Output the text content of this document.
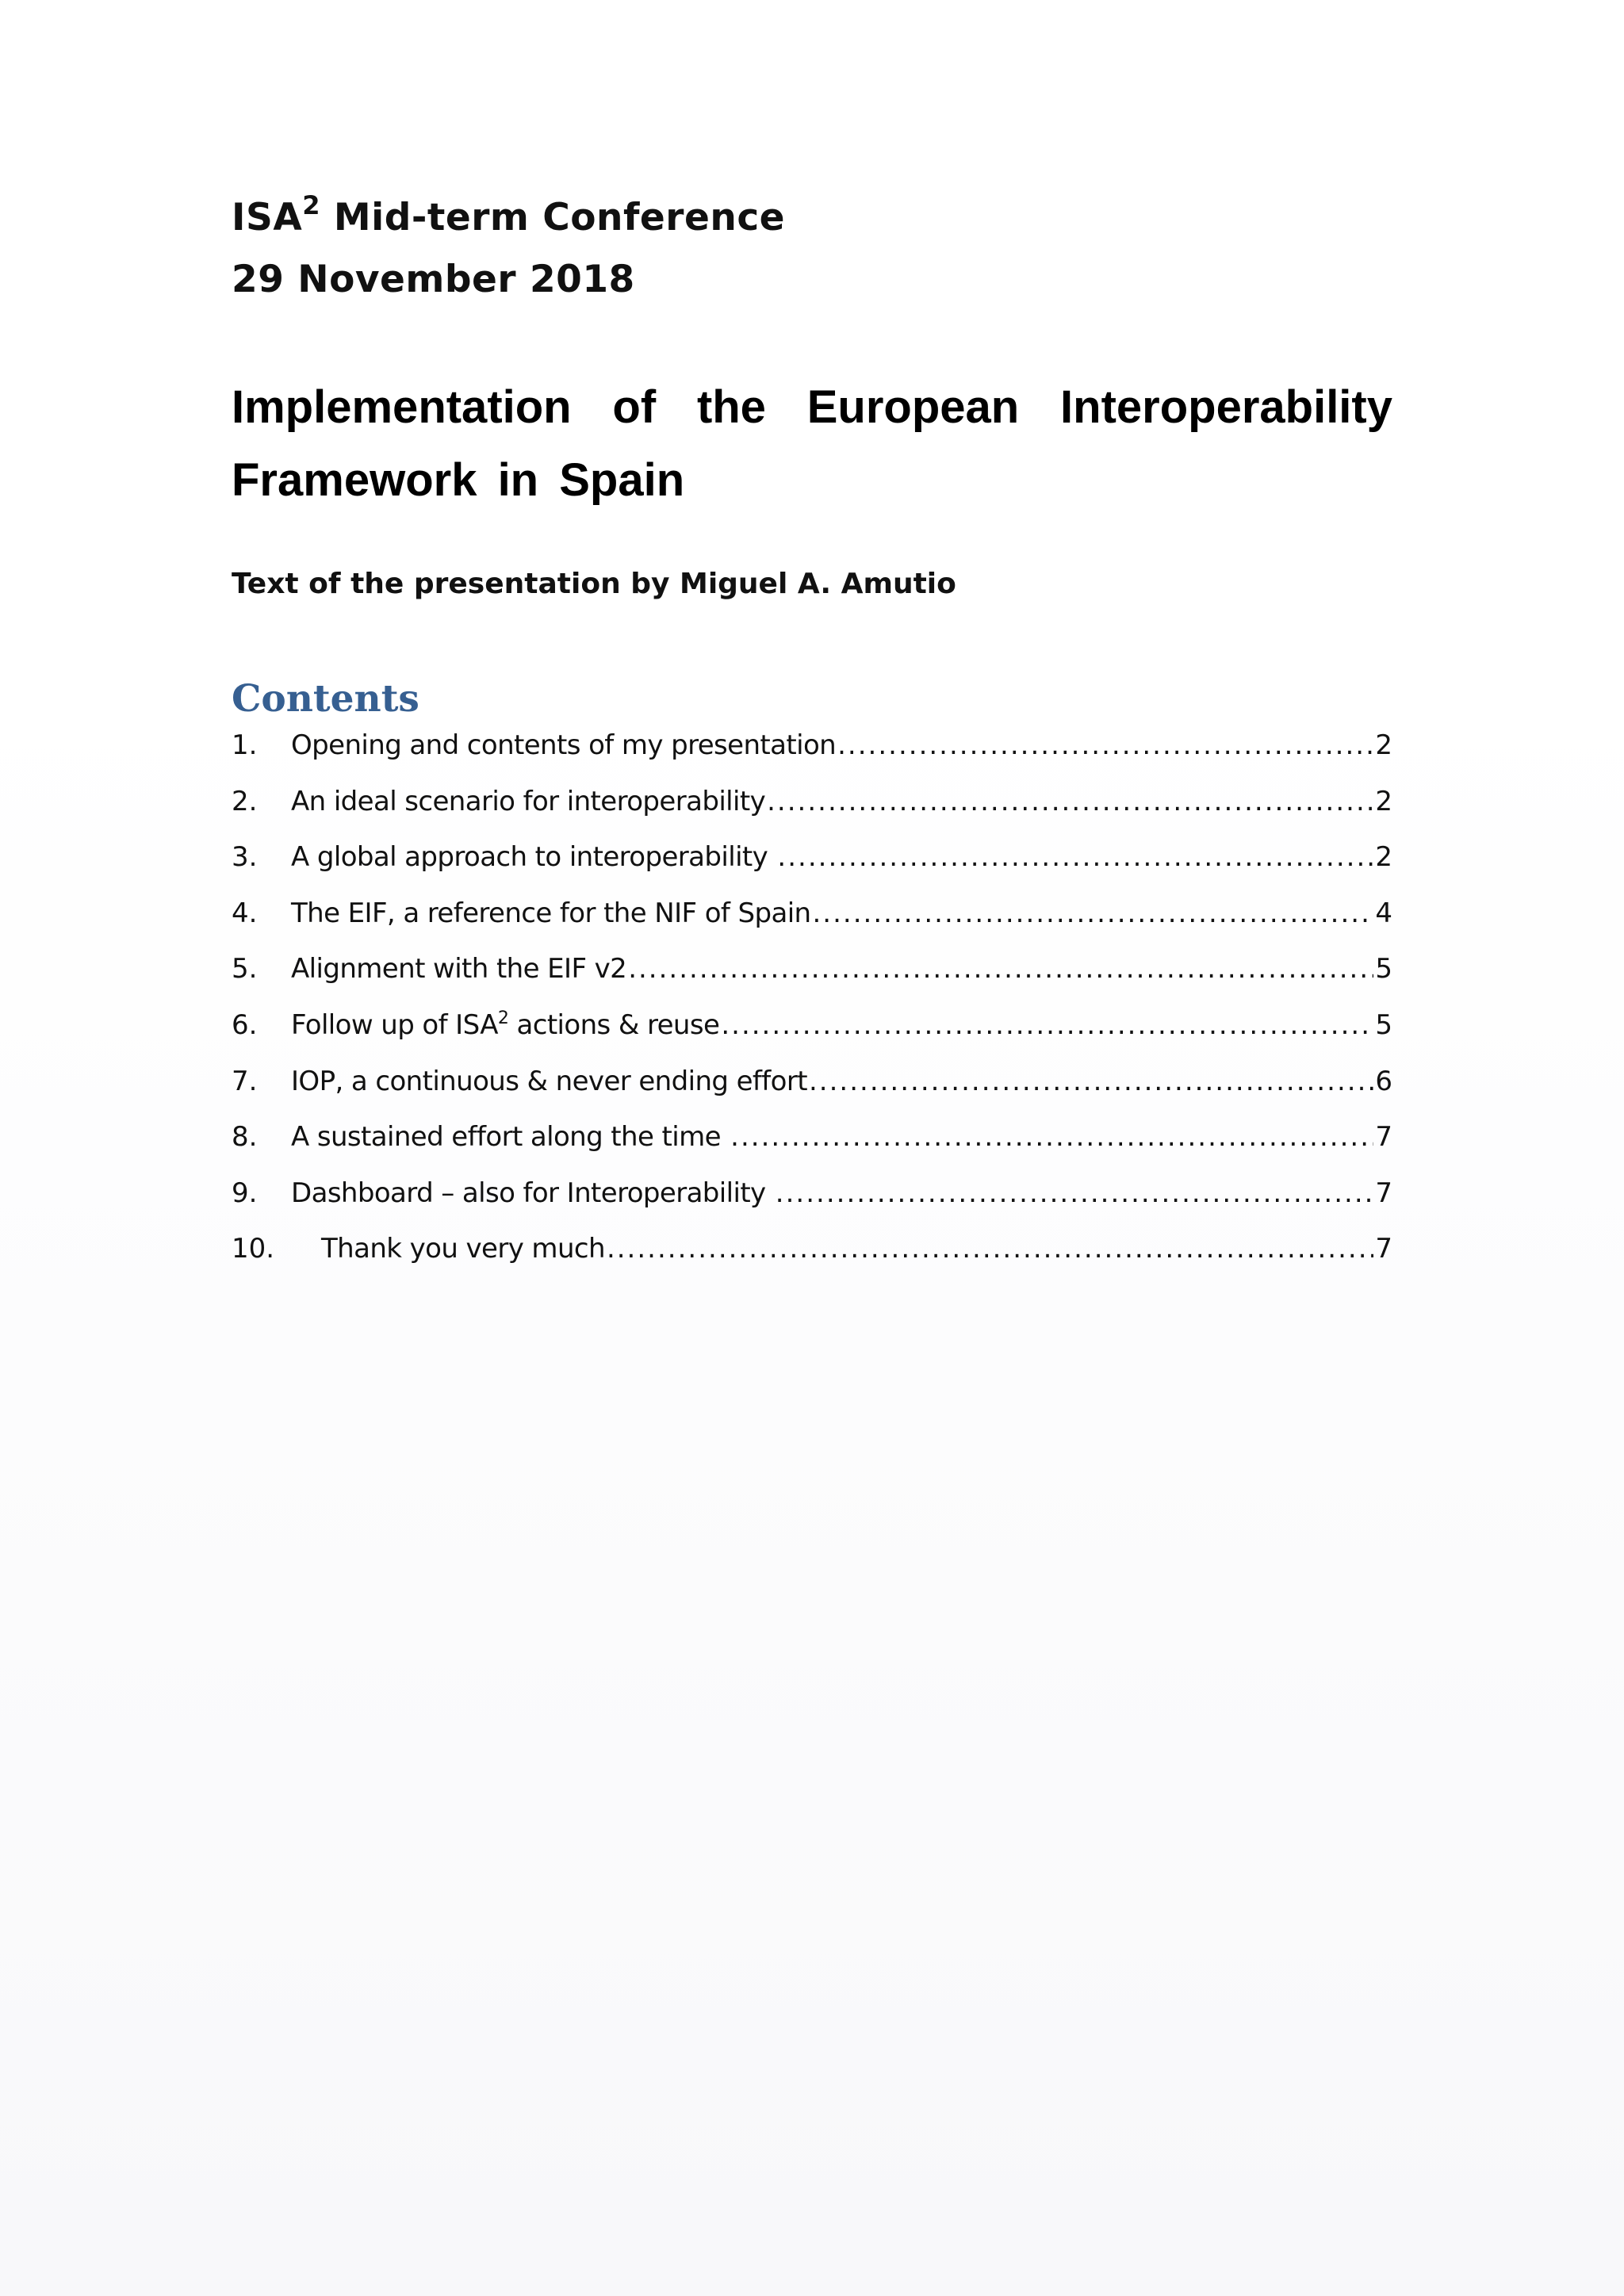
ISA$^2$ Mid-term Conference
29 November 2018
Implementation of the European Interoperability
Framework in Spain
Text of the presentation by Miguel A. Amutio
Contents
1.	Opening and contents of my presentation .....	2
2.	An ideal scenario for interoperability .....	2
3.	A global approach to interoperability .....	2
4.	The EIF, a reference for the NIF of Spain .....	4
5.	Alignment with the EIF v2 .....	5
6.	Follow up of ISA$^2$ actions & reuse .....	5
7.	IOP, a continuous & never ending effort .....	6
8.	A sustained effort along the time .....	7
9.	Dashboard – also for Interoperability .....	7
10.	Thank you very much .....	7
